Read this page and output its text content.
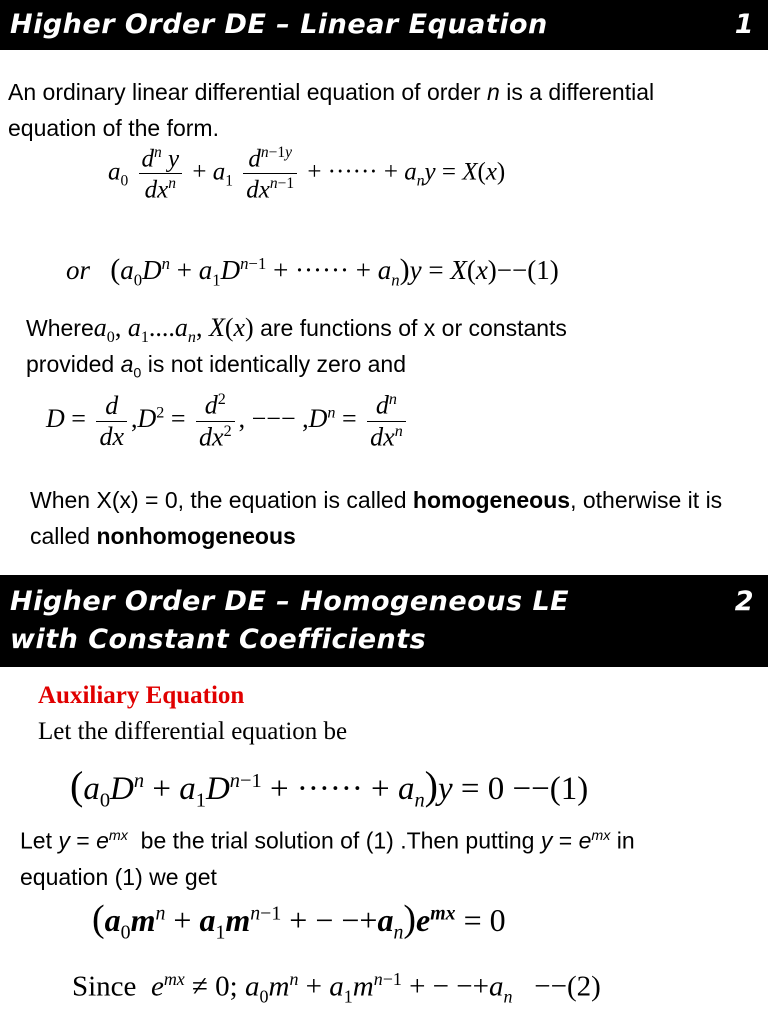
Higher Order DE – Linear Equation	1
An ordinary linear differential equation of order n is a differential
equation of the form.
$a_0 \frac{d^n y}{dx^n} + a_1 \frac{d^{n-1y}}{dx^{n-1}}$ + ······ + $a_ny = X(x)$
or ($a_0D^n + a_1D^{n-1}$ + ······ + $a_n)y = X(x)--(1)$
Wherea$_0$, $a_1....a_n$, X(x) are functions of x or constants
provided $a_0$ is not identically zero and
$D = \frac{d}{dx} ,D^2 = \frac{d^2}{dx^2}$ , −−− $,D^n = \frac{d^n}{dx^n}$
When X(x) = 0, the equation is called homogeneous, otherwise it is
called nonhomogeneous
Higher Order DE – Homogeneous LE	2

with Constant Coefficients
Auxiliary Equation
Let the differential equation be
($a_0D^n + a_1D^{n-1}$ + ······ + $a_n)y = 0 --(1)$
Let $y = e^{mx}$  be the trial solution of (1) .Then putting $y = e^{mx}$ in
equation (1) we get
($a_0m^n + a_1m^{n-1}$ + − $-+a_n)e^{mx} = 0$
Since $e^{mx} \ne 0$; $a_0m^n + a_1m^{n-1}$ + − $-+a_n --(2)$
